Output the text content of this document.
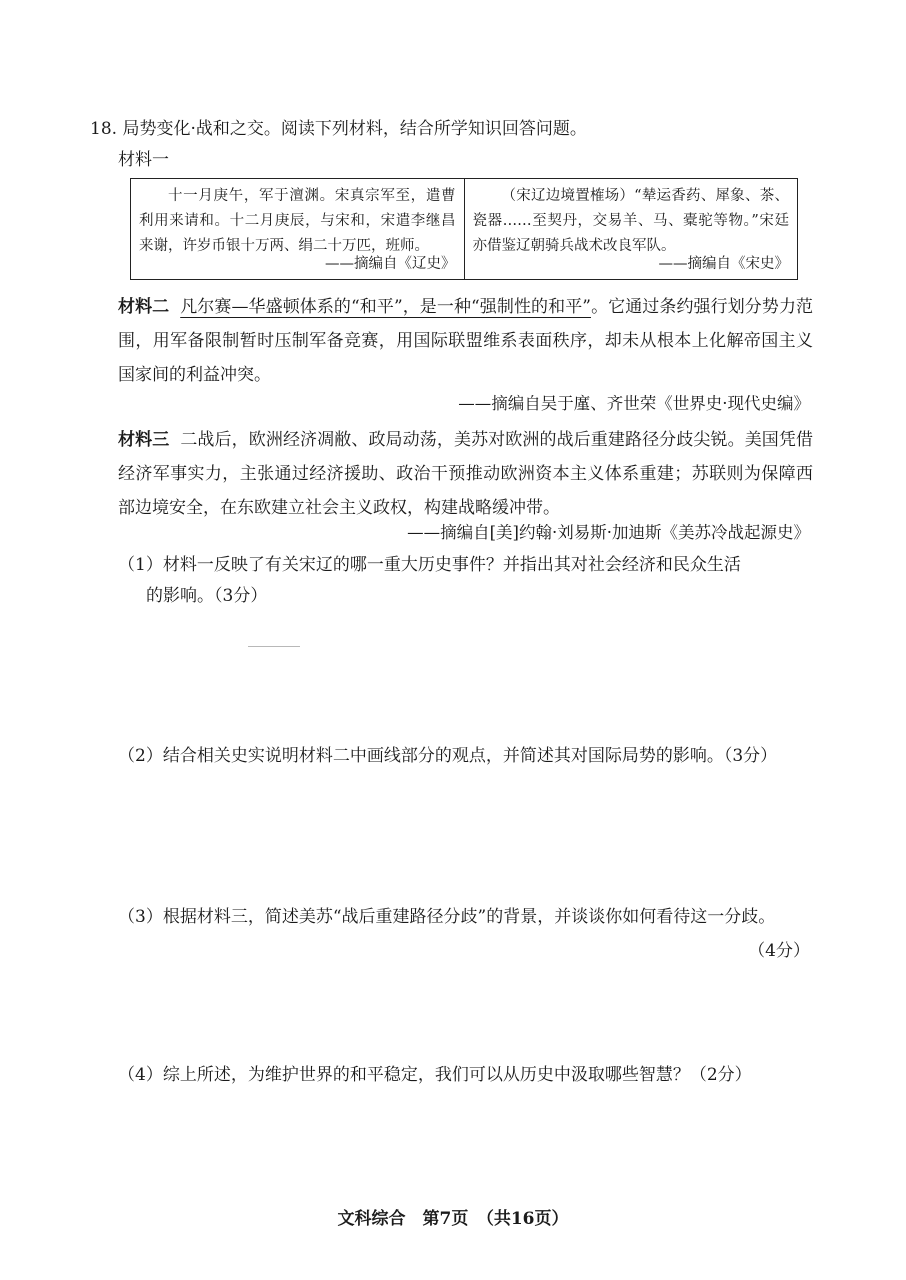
18. 局势变化·战和之交。阅读下列材料，结合所学知识回答问题。
材料一
十一月庚午，军于澶渊。宋真宗军至，遣曹利用来请和。十二月庚辰，与宋和，宋遣李继昌来谢，许岁币银十万两、绢二十万匹，班师。
——摘编自《辽史》
（宋辽边境置榷场）“辇运香药、犀象、茶、瓷器……至契丹，交易羊、马、橐驼等物。”宋廷亦借鉴辽朝骑兵战术改良军队。
——摘编自《宋史》
材料二 凡尔赛—华盛顿体系的“和平”，是一种“强制性的和平”。它通过条约强行划分势力范围，用军备限制暂时压制军备竞赛，用国际联盟维系表面秩序，却未从根本上化解帝国主义国家间的利益冲突。
——摘编自吴于廑、齐世荣《世界史·现代史编》
材料三 二战后，欧洲经济凋敝、政局动荡，美苏对欧洲的战后重建路径分歧尖锐。美国凭借经济军事实力，主张通过经济援助、政治干预推动欧洲资本主义体系重建；苏联则为保障西部边境安全，在东欧建立社会主义政权，构建战略缓冲带。
——摘编自[美]约翰·刘易斯·加迪斯《美苏冷战起源史》
（1）材料一反映了有关宋辽的哪一重大历史事件？并指出其对社会经济和民众生活
的影响。（3分）
（2）结合相关史实说明材料二中画线部分的观点，并简述其对国际局势的影响。（3分）
（3）根据材料三，简述美苏“战后重建路径分歧”的背景，并谈谈你如何看待这一分歧。
（4分）
（4）综上所述，为维护世界的和平稳定，我们可以从历史中汲取哪些智慧？（2分）
文科综合　第7页　（共16页）
